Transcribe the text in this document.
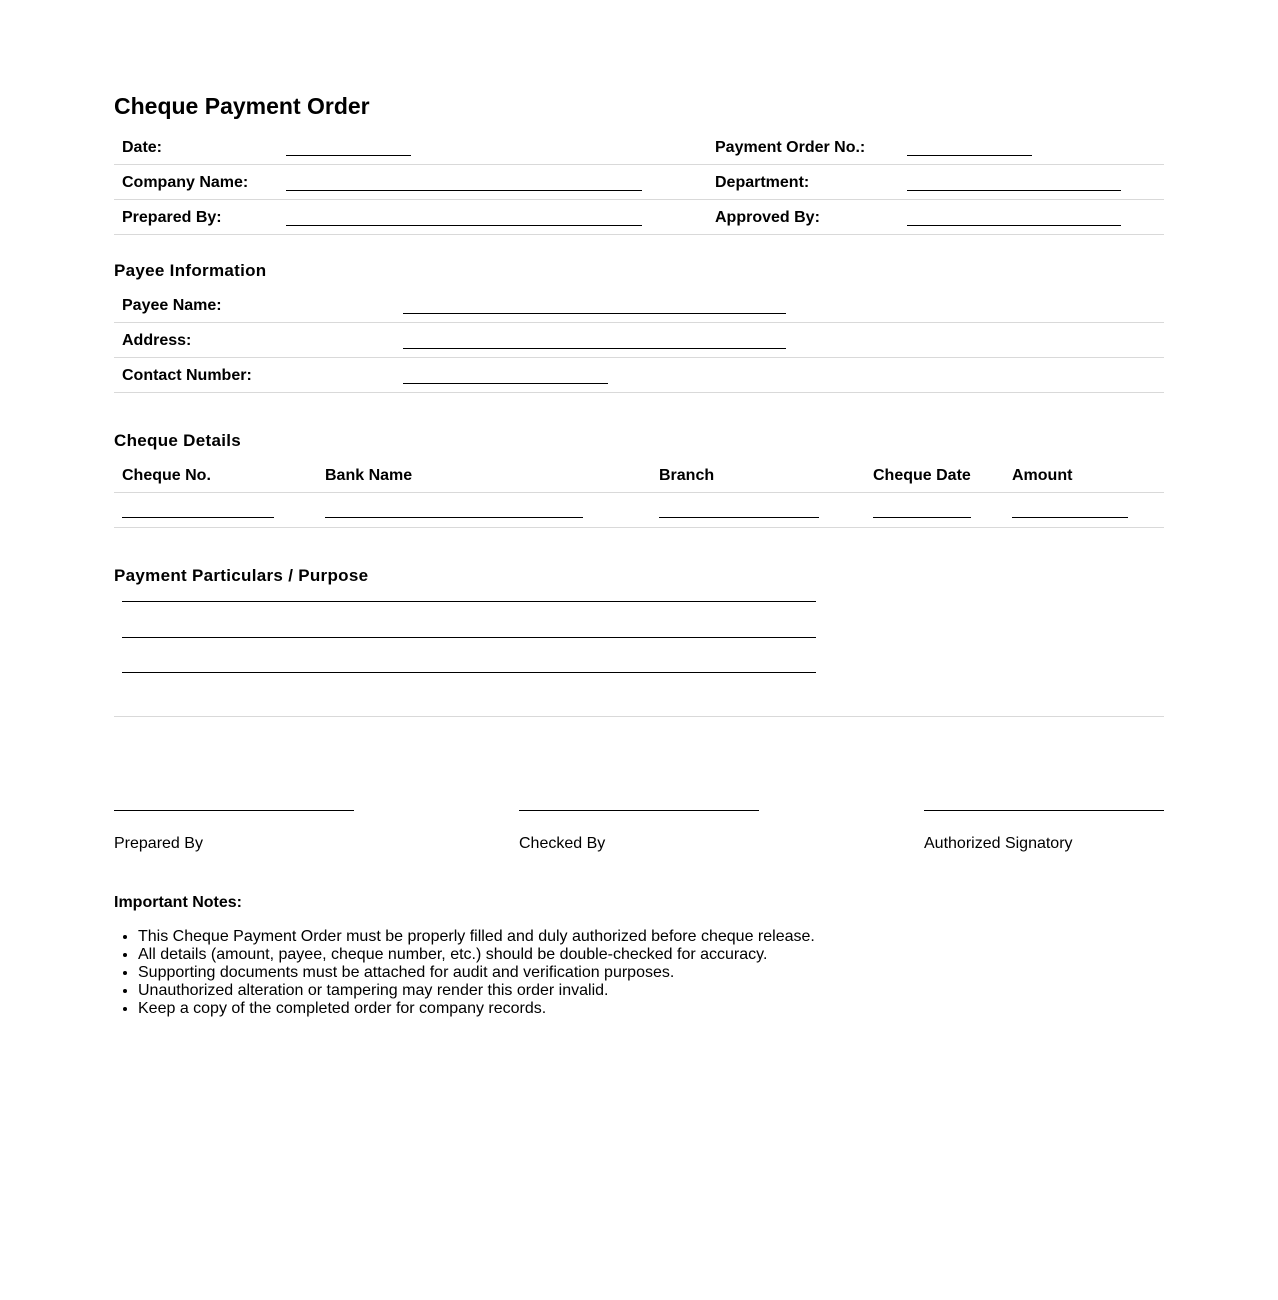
Cheque Payment Order
Date:	Payment Order No.:
Company Name:	Department:
Prepared By:	Approved By:
Payee Information
Payee Name:
Address:
Contact Number:
Cheque Details
Cheque No.	Bank Name	Branch	Cheque Date	Amount
Payment Particulars / Purpose
Prepared By	Checked By	Authorized Signatory
Important Notes:
• This Cheque Payment Order must be properly filled and duly authorized before cheque release.
• All details (amount, payee, cheque number, etc.) should be double-checked for accuracy.
• Supporting documents must be attached for audit and verification purposes.
• Unauthorized alteration or tampering may render this order invalid.
• Keep a copy of the completed order for company records.
